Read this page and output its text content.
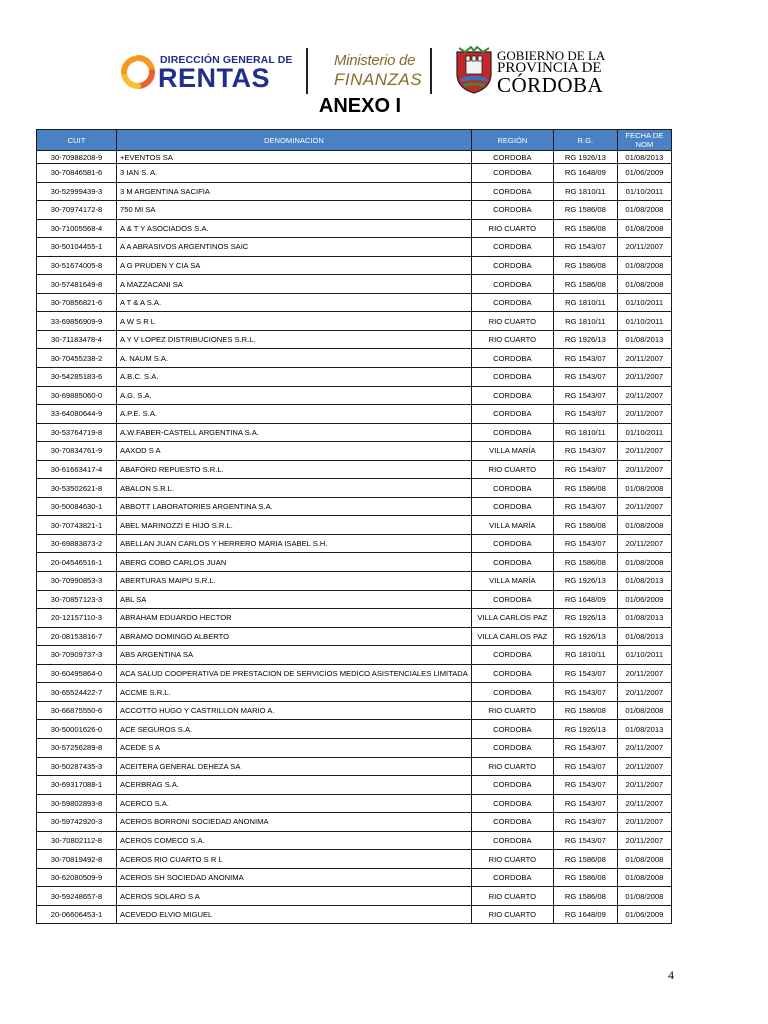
DIRECCIÓN GENERAL DE
RENTAS
Ministerio de
FINANZAS
GOBIERNO DE LA
PROVINCIA DE
CÓRDOBA
ANEXO I
CUIT	DENOMINACION	REGIÓN	R.G.	FECHA DE NOM
30-70988208-9	+EVENTOS SA	CORDOBA	RG 1926/13	01/08/2013
30-70846581-6	3 IAN S. A.	CORDOBA	RG 1648/09	01/06/2009
30-52999439-3	3 M ARGENTINA SACIFIA	CORDOBA	RG 1810/11	01/10/2011
30-70974172-8	750 MI SA	CORDOBA	RG 1586/08	01/08/2008
30-71005568-4	A & T Y ASOCIADOS S.A.	RIO CUARTO	RG 1586/08	01/08/2008
30-50104455-1	A A ABRASIVOS ARGENTINOS SAIC	CORDOBA	RG 1543/07	20/11/2007
30-51674005-8	A G PRUDEN Y CIA SA	CORDOBA	RG 1586/08	01/08/2008
30-57481649-8	A MAZZACANI SA	CORDOBA	RG 1586/08	01/08/2008
30-70856821-6	A T & A S.A.	CORDOBA	RG 1810/11	01/10/2011
33-69856909-9	A W S R L	RIO CUARTO	RG 1810/11	01/10/2011
30-71183478-4	A Y V LOPEZ DISTRIBUCIONES S.R.L.	RIO CUARTO	RG 1926/13	01/08/2013
30-70455238-2	A. NAUM S.A.	CORDOBA	RG 1543/07	20/11/2007
30-54285183-6	A.B.C. S.A.	CORDOBA	RG 1543/07	20/11/2007
30-69885060-0	A.G. S.A.	CORDOBA	RG 1543/07	20/11/2007
33-64080644-9	A.P.E. S.A.	CORDOBA	RG 1543/07	20/11/2007
30-53764719-8	A.W.FABER-CASTELL ARGENTINA S.A.	CORDOBA	RG 1810/11	01/10/2011
30-70834761-9	AAXOD S A	VILLA MARÍA	RG 1543/07	20/11/2007
30-61663417-4	ABAFORD REPUESTO S.R.L.	RIO CUARTO	RG 1543/07	20/11/2007
30-53502621-8	ABALON S.R.L.	CORDOBA	RG 1586/08	01/08/2008
30-50084630-1	ABBOTT LABORATORIES ARGENTINA S.A.	CORDOBA	RG 1543/07	20/11/2007
30-70743821-1	ABEL MARINOZZI E HIJO S.R.L.	VILLA MARÍA	RG 1586/08	01/08/2008
30-69883873-2	ABELLAN JUAN CARLOS Y HERRERO MARIA ISABEL S.H.	CORDOBA	RG 1543/07	20/11/2007
20-04546516-1	ABERG COBO CARLOS JUAN	CORDOBA	RG 1586/08	01/08/2008
30-70990853-3	ABERTURAS MAIPU S.R.L.	VILLA MARÍA	RG 1926/13	01/08/2013
30-70857123-3	ABL SA	CORDOBA	RG 1648/09	01/06/2009
20-12157110-3	ABRAHAM EDUARDO HECTOR	VILLA CARLOS PAZ	RG 1926/13	01/08/2013
20-08153816-7	ABRAMO DOMINGO ALBERTO	VILLA CARLOS PAZ	RG 1926/13	01/08/2013
30-70909737-3	ABS ARGENTINA SA	CORDOBA	RG 1810/11	01/10/2011
30-60495864-0	ACA SALUD COOPERATIVA DE PRESTACION DE SERVICIOS MEDICO ASISTENCIALES LIMITADA	CORDOBA	RG 1543/07	20/11/2007
30-65524422-7	ACCME S.R.L.	CORDOBA	RG 1543/07	20/11/2007
30-66875550-6	ACCOTTO HUGO Y CASTRILLON MARIO A.	RIO CUARTO	RG 1586/08	01/08/2008
30-50001626-0	ACE SEGUROS S.A.	CORDOBA	RG 1926/13	01/08/2013
30-57256289-8	ACEDE S A	CORDOBA	RG 1543/07	20/11/2007
30-50287435-3	ACEITERA GENERAL DEHEZA SA	RIO CUARTO	RG 1543/07	20/11/2007
30-69317088-1	ACERBRAG S.A.	CORDOBA	RG 1543/07	20/11/2007
30-59802893-8	ACERCO S.A.	CORDOBA	RG 1543/07	20/11/2007
30-59742920-3	ACEROS BORRONI SOCIEDAD ANONIMA	CORDOBA	RG 1543/07	20/11/2007
30-70802112-8	ACEROS COMECO S.A.	CORDOBA	RG 1543/07	20/11/2007
30-70819492-8	ACEROS RIO CUARTO S R L	RIO CUARTO	RG 1586/08	01/08/2008
30-62080509-9	ACEROS SH SOCIEDAD ANONIMA	CORDOBA	RG 1586/08	01/08/2008
30-59248657-8	ACEROS SOLARO S A	RIO CUARTO	RG 1586/08	01/08/2008
20-06606453-1	ACEVEDO ELVIO MIGUEL	RIO CUARTO	RG 1648/09	01/06/2009
4
